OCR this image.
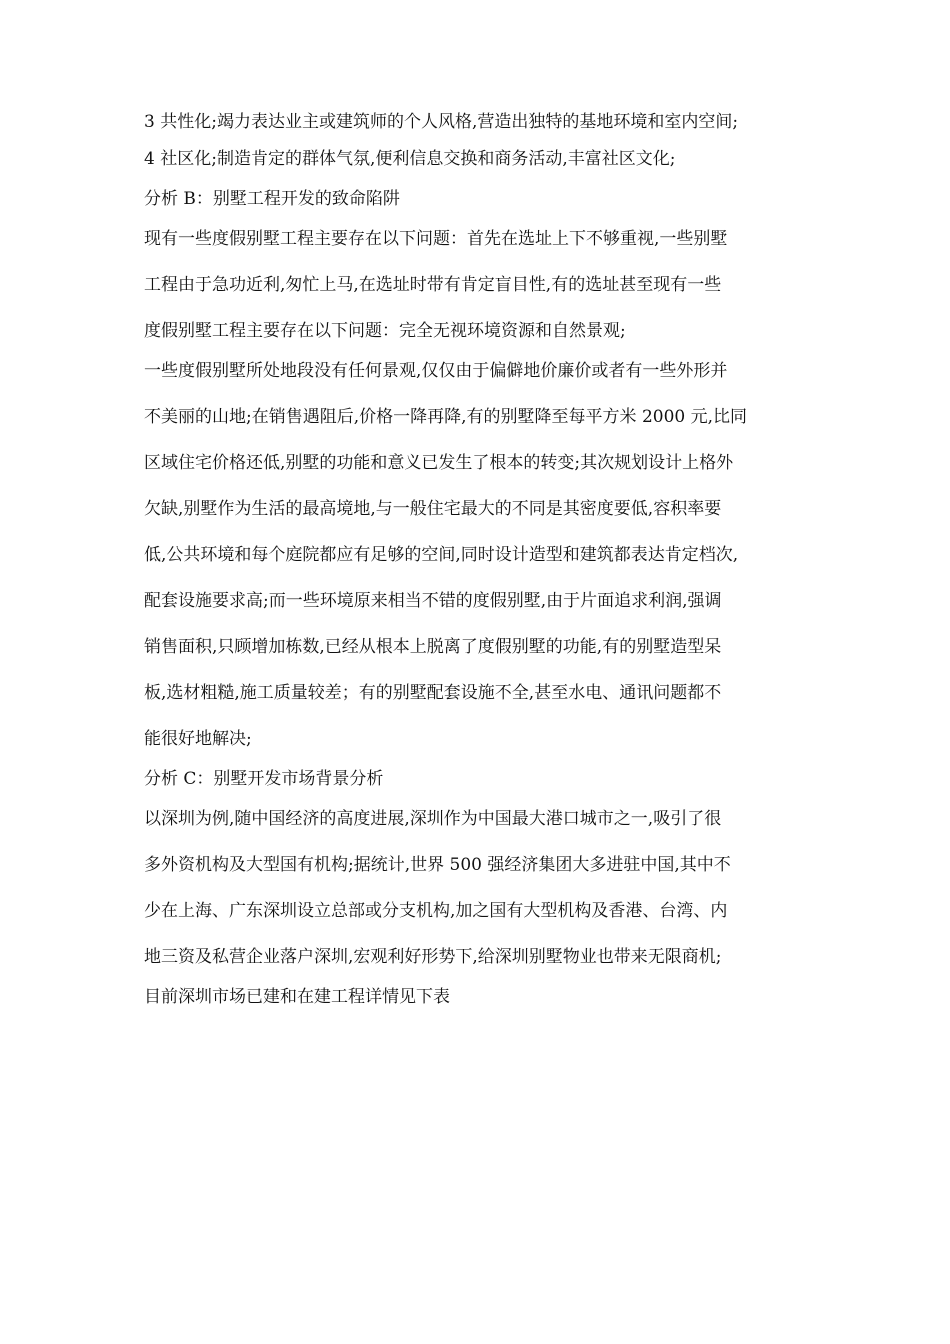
3 共性化;竭力表达业主或建筑师的个人风格,营造出独特的基地环境和室内空间;
4 社区化;制造肯定的群体气氛,便利信息交换和商务活动,丰富社区文化;
分析 B：别墅工程开发的致命陷阱
现有一些度假别墅工程主要存在以下问题：首先在选址上下不够重视,一些别墅
工程由于急功近利,匆忙上马,在选址时带有肯定盲目性,有的选址甚至现有一些
度假别墅工程主要存在以下问题：完全无视环境资源和自然景观;
一些度假别墅所处地段没有任何景观,仅仅由于偏僻地价廉价或者有一些外形并
不美丽的山地;在销售遇阻后,价格一降再降,有的别墅降至每平方米 2000 元,比同
区域住宅价格还低,别墅的功能和意义已发生了根本的转变;其次规划设计上格外
欠缺,别墅作为生活的最高境地,与一般住宅最大的不同是其密度要低,容积率要
低,公共环境和每个庭院都应有足够的空间,同时设计造型和建筑都表达肯定档次,
配套设施要求高;而一些环境原来相当不错的度假别墅,由于片面追求利润,强调
销售面积,只顾增加栋数,已经从根本上脱离了度假别墅的功能,有的别墅造型呆
板,选材粗糙,施工质量较差；有的别墅配套设施不全,甚至水电、通讯问题都不
能很好地解决;
分析 C：别墅开发市场背景分析
以深圳为例,随中国经济的高度进展,深圳作为中国最大港口城市之一,吸引了很
多外资机构及大型国有机构;据统计,世界 500 强经济集团大多进驻中国,其中不
少在上海、广东深圳设立总部或分支机构,加之国有大型机构及香港、台湾、内
地三资及私营企业落户深圳,宏观利好形势下,给深圳别墅物业也带来无限商机;
目前深圳市场已建和在建工程详情见下表
